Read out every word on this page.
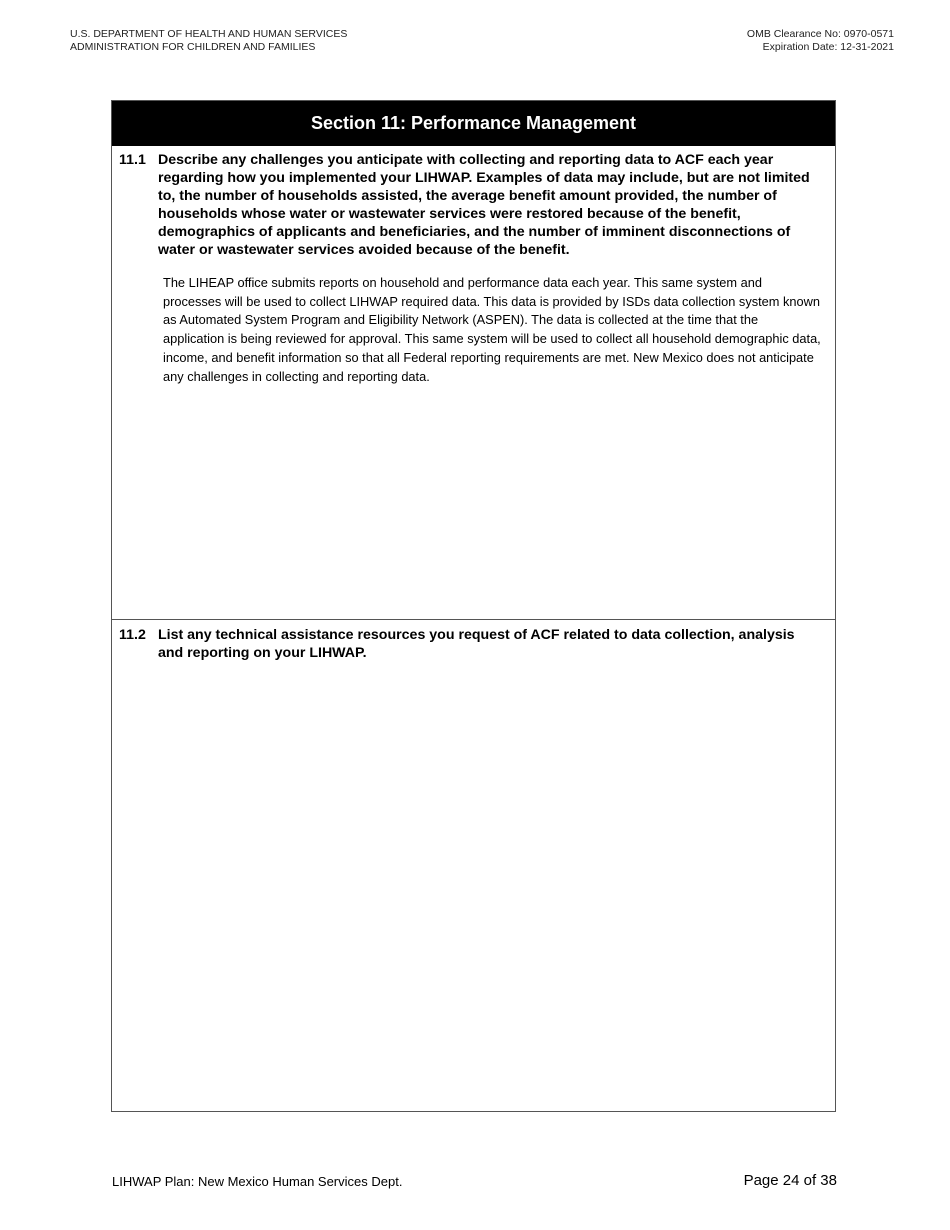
U.S. DEPARTMENT OF HEALTH AND HUMAN SERVICES
ADMINISTRATION FOR CHILDREN AND FAMILIES
OMB Clearance No: 0970-0571
Expiration Date: 12-31-2021
Section 11: Performance Management
11.1 Describe any challenges you anticipate with collecting and reporting data to ACF each year regarding how you implemented your LIHWAP. Examples of data may include, but are not limited to, the number of households assisted, the average benefit amount provided, the number of households whose water or wastewater services were restored because of the benefit, demographics of applicants and beneficiaries, and the number of imminent disconnections of water or wastewater services avoided because of the benefit.
The LIHEAP office submits reports on household and performance data each year. This same system and processes will be used to collect LIHWAP required data. This data is provided by ISDs data collection system known as Automated System Program and Eligibility Network (ASPEN). The data is collected at the time that the application is being reviewed for approval. This same system will be used to collect all household demographic data, income, and benefit information so that all Federal reporting requirements are met. New Mexico does not anticipate any challenges in collecting and reporting data.
11.2 List any technical assistance resources you request of ACF related to data collection, analysis and reporting on your LIHWAP.
LIHWAP Plan: New Mexico Human Services Dept.	Page 24 of 38
